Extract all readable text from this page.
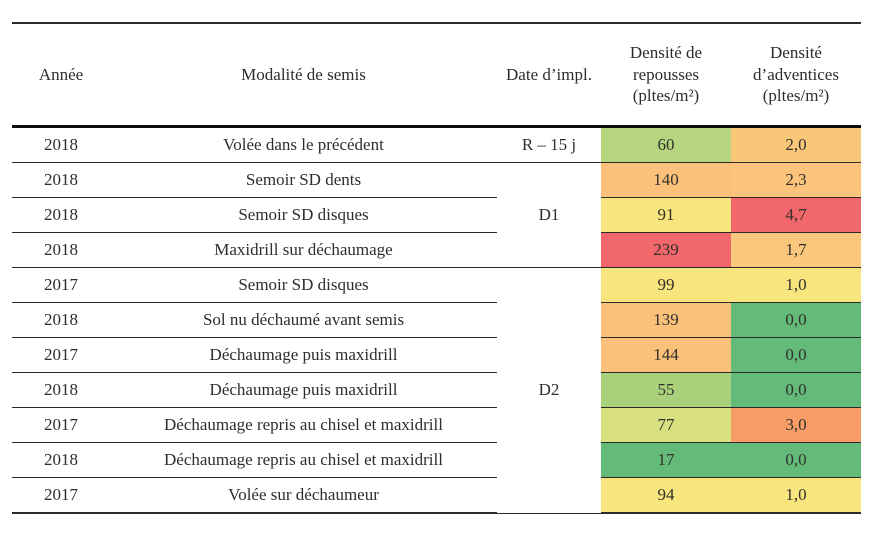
Année	Modalité de semis	Date d’impl.	Densité de repousses (pltes/m²)	Densité d’adventices (pltes/m²)
2018	Volée dans le précédent	R – 15 j	60	2,0
2018	Semoir SD dents	D1	140	2,3
2018	Semoir SD disques		91	4,7
2018	Maxidrill sur déchaumage		239	1,7
2017	Semoir SD disques	D2	99	1,0
2018	Sol nu déchaumé avant semis		139	0,0
2017	Déchaumage puis maxidrill		144	0,0
2018	Déchaumage puis maxidrill		55	0,0
2017	Déchaumage repris au chisel et maxidrill		77	3,0
2018	Déchaumage repris au chisel et maxidrill		17	0,0
2017	Volée sur déchaumeur		94	1,0
